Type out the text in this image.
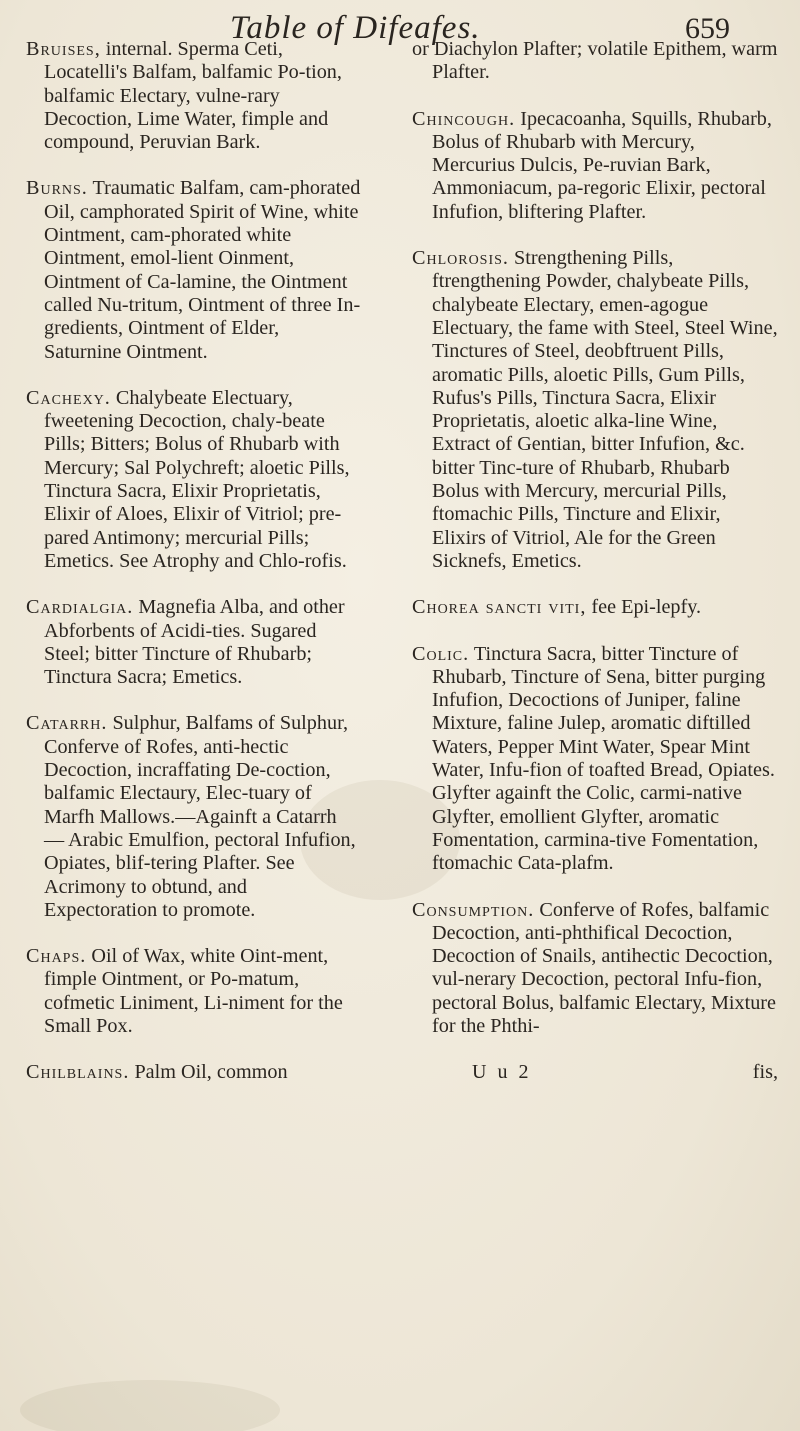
Table of Difeafes.	659
Bruises, internal. Sperma Ceti, Locatelli's Balfam, balfamic Po-tion, balfamic Electary, vulne-rary Decoction, Lime Water, fimple and compound, Peruvian Bark.
Burns. Traumatic Balfam, cam-phorated Oil, camphorated Spirit of Wine, white Ointment, cam-phorated white Ointment, emol-lient Oinment, Ointment of Ca-lamine, the Ointment called Nu-tritum, Ointment of three In-gredients, Ointment of Elder, Saturnine Ointment.
Cachexy. Chalybeate Electuary, fweetening Decoction, chaly-beate Pills; Bitters; Bolus of Rhubarb with Mercury; Sal Polychreft; aloetic Pills, Tinctura Sacra, Elixir Proprietatis, Elixir of Aloes, Elixir of Vitriol; pre-pared Antimony; mercurial Pills; Emetics. See Atrophy and Chlo-rofis.
Cardialgia. Magnefia Alba, and other Abforbents of Acidi-ties. Sugared Steel; bitter Tincture of Rhubarb; Tinctura Sacra; Emetics.
Catarrh. Sulphur, Balfams of Sulphur, Conferve of Rofes, anti-hectic Decoction, incraffating De-coction, balfamic Electaury, Elec-tuary of Marfh Mallows.—Againft a Catarrh — Arabic Emulfion, pectoral Infufion, Opiates, blif-tering Plafter. See Acrimony to obtund, and Expectoration to promote.
Chaps. Oil of Wax, white Oint-ment, fimple Ointment, or Po-matum, cofmetic Liniment, Li-niment for the Small Pox.
Chilblains. Palm Oil, common
or Diachylon Plafter; volatile Epithem, warm Plafter.
Chincough. Ipecacoanha, Squills, Rhubarb, Bolus of Rhubarb with Mercury, Mercurius Dulcis, Pe-ruvian Bark, Ammoniacum, pa-regoric Elixir, pectoral Infufion, bliftering Plafter.
Chlorosis. Strengthening Pills, ftrengthening Powder, chalybeate Pills, chalybeate Electary, emen-agogue Electuary, the fame with Steel, Steel Wine, Tinctures of Steel, deobftruent Pills, aromatic Pills, aloetic Pills, Gum Pills, Rufus's Pills, Tinctura Sacra, Elixir Proprietatis, aloetic alka-line Wine, Extract of Gentian, bitter Infufion, &c. bitter Tinc-ture of Rhubarb, Rhubarb Bolus with Mercury, mercurial Pills, ftomachic Pills, Tincture and Elixir, Elixirs of Vitriol, Ale for the Green Sicknefs, Emetics.
Chorea sancti viti, fee Epi-lepfy.
Colic. Tinctura Sacra, bitter Tincture of Rhubarb, Tincture of Sena, bitter purging Infufion, Decoctions of Juniper, faline Mixture, faline Julep, aromatic diftilled Waters, Pepper Mint Water, Spear Mint Water, Infu-fion of toafted Bread, Opiates. Glyfter againft the Colic, carmi-native Glyfter, emollient Glyfter, aromatic Fomentation, carmina-tive Fomentation, ftomachic Cata-plafm.
Consumption. Conferve of Rofes, balfamic Decoction, anti-phthifical Decoction, Decoction of Snails, antihectic Decoction, vul-nerary Decoction, pectoral Infu-fion, pectoral Bolus, balfamic Electary, Mixture for the Phthi-
U u 2	fis,
